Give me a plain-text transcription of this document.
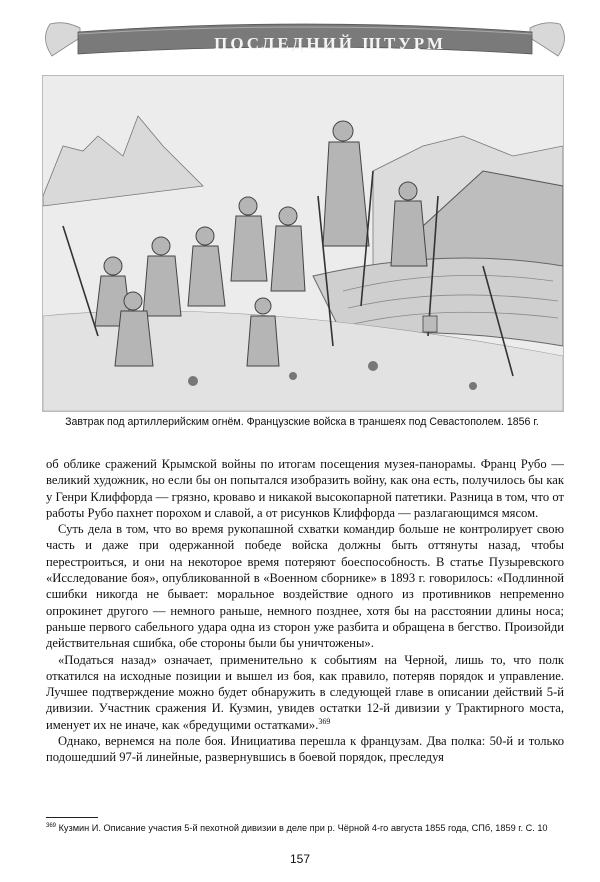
ПОСЛЕДНИЙ ШТУРМ
Завтрак под артиллерийским огнём. Французские войска в траншеях под Севастополем. 1856 г.

об облике сражений Крымской войны по итогам посещения музея-панорамы. Франц Рубо — великий художник, но если бы он попытался изобразить войну, как она есть, получилось бы как у Генри Клиффорда — грязно, кроваво и никакой высокопарной патетики. Разница в том, что от работы Рубо пахнет порохом и славой, а от рисунков Клиффорда — разлагающимся мясом.

Суть дела в том, что во время рукопашной схватки командир больше не контролирует свою часть и даже при одержанной победе войска должны быть оттянуты назад, чтобы перестроиться, и они на некоторое время потеряют боеспособность. В статье Пузыревского «Исследование боя», опубликованной в «Военном сборнике» в 1893 г. говорилось: «Подлинной сшибки никогда не бывает: моральное воздействие одного из противников непременно опрокинет другого — немного раньше, немного позднее, хотя бы на расстоянии длины носа; раньше первого сабельного удара одна из сторон уже разбита и обращена в бегство. Произойди действительная сшибка, обе стороны были бы уничтожены».

«Податься назад» означает, применительно к событиям на Черной, лишь то, что полк откатился на исходные позиции и вышел из боя, как правило, потеряв порядок и управление. Лучшее подтверждение можно будет обнаружить в следующей главе в описании действий 5-й дивизии. Участник сражения И. Кузмин, увидев остатки 12-й дивизии у Трактирного моста, именует их не иначе, как «бредущими остатками».$^{369}$

Однако, вернемся на поле боя. Инициатива перешла к французам. Два полка: 50-й и только подошедший 97-й линейные, развернувшись в боевой порядок, преследуя

$^{369}$ Кузмин И. Описание участия 5-й пехотной дивизии в деле при р. Чёрной 4-го августа 1855 года, СПб, 1859 г. С. 10
157
